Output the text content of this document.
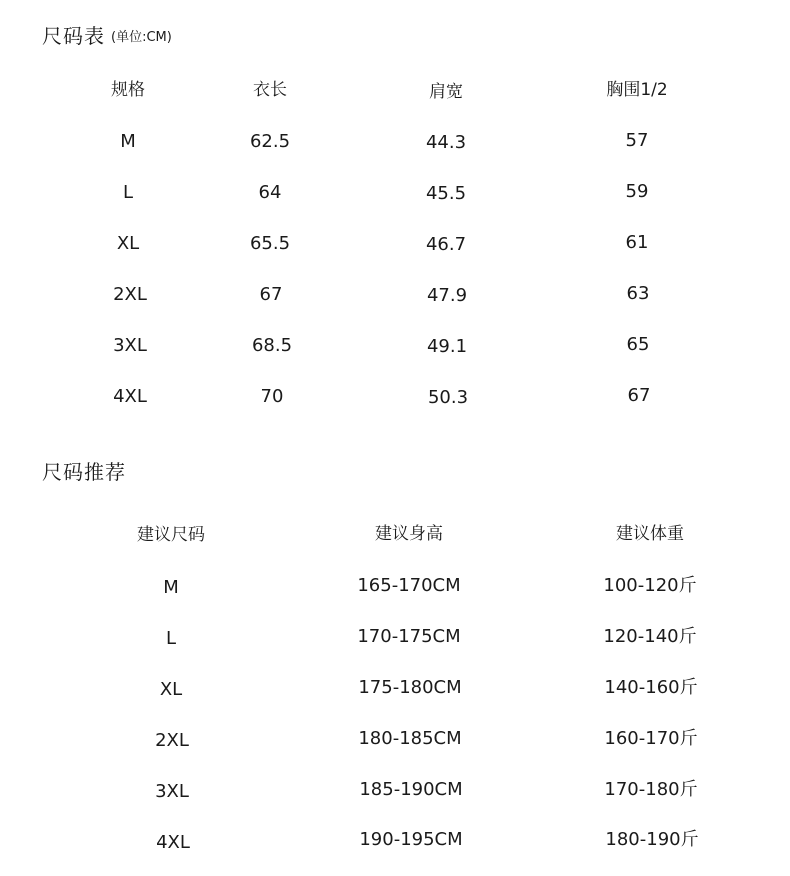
尺码表 (单位:CM)
规格	衣长	肩宽	胸围1/2
M	62.5	44.3	57
L	64	45.5	59
XL	65.5	46.7	61
2XL	67	47.9	63
3XL	68.5	49.1	65
4XL	70	50.3	67
尺码推荐
建议尺码	建议身高	建议体重
M	165-170CM	100-120斤
L	170-175CM	120-140斤
XL	175-180CM	140-160斤
2XL	180-185CM	160-170斤
3XL	185-190CM	170-180斤
4XL	190-195CM	180-190斤
